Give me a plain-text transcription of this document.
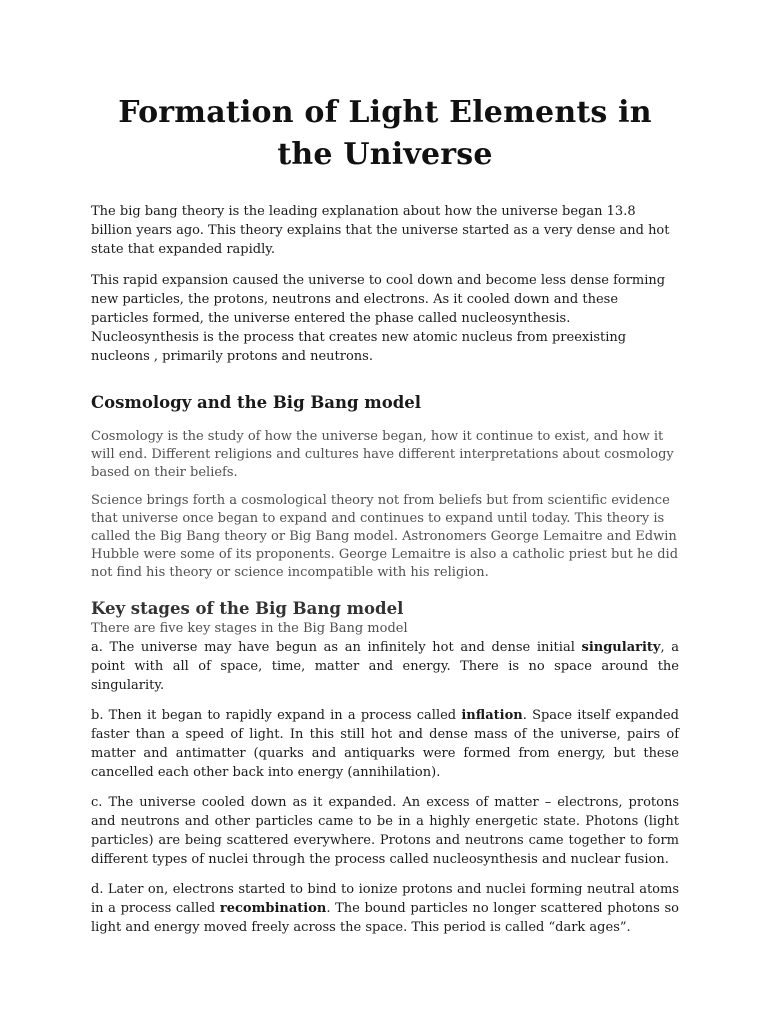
Formation of Light Elements in the Universe

The big bang theory is the leading explanation about how the universe began 13.8 billion years ago. This theory explains that the universe started as a very dense and hot state that expanded rapidly.

This rapid expansion caused the universe to cool down and become less dense forming new particles, the protons, neutrons and electrons. As it cooled down and these particles formed, the universe entered the phase called nucleosynthesis. Nucleosynthesis is the process that creates new atomic nucleus from preexisting nucleons , primarily protons and neutrons.

Cosmology and the Big Bang model

Cosmology is the study of how the universe began, how it continue to exist, and how it will end. Different religions and cultures have different interpretations about cosmology based on their beliefs.

Science brings forth a cosmological theory not from beliefs but from scientific evidence that universe once began to expand and continues to expand until today. This theory is called the Big Bang theory or Big Bang model. Astronomers George Lemaitre and Edwin Hubble were some of its proponents. George Lemaitre is also a catholic priest but he did not find his theory or science incompatible with his religion.

Key stages of the Big Bang model

There are five key stages in the Big Bang model

a. The universe may have begun as an infinitely hot and dense initial singularity, a point with all of space, time, matter and energy. There is no space around the singularity.

b. Then it began to rapidly expand in a process called inflation. Space itself expanded faster than a speed of light. In this still hot and dense mass of the universe, pairs of matter and antimatter (quarks and antiquarks were formed from energy, but these cancelled each other back into energy (annihilation).

c. The universe cooled down as it expanded. An excess of matter – electrons, protons and neutrons and other particles came to be in a highly energetic state. Photons (light particles) are being scattered everywhere. Protons and neutrons came together to form different types of nuclei through the process called nucleosynthesis and nuclear fusion.

d. Later on, electrons started to bind to ionize protons and nuclei forming neutral atoms in a process called recombination. The bound particles no longer scattered photons so light and energy moved freely across the space. This period is called “dark ages”.
